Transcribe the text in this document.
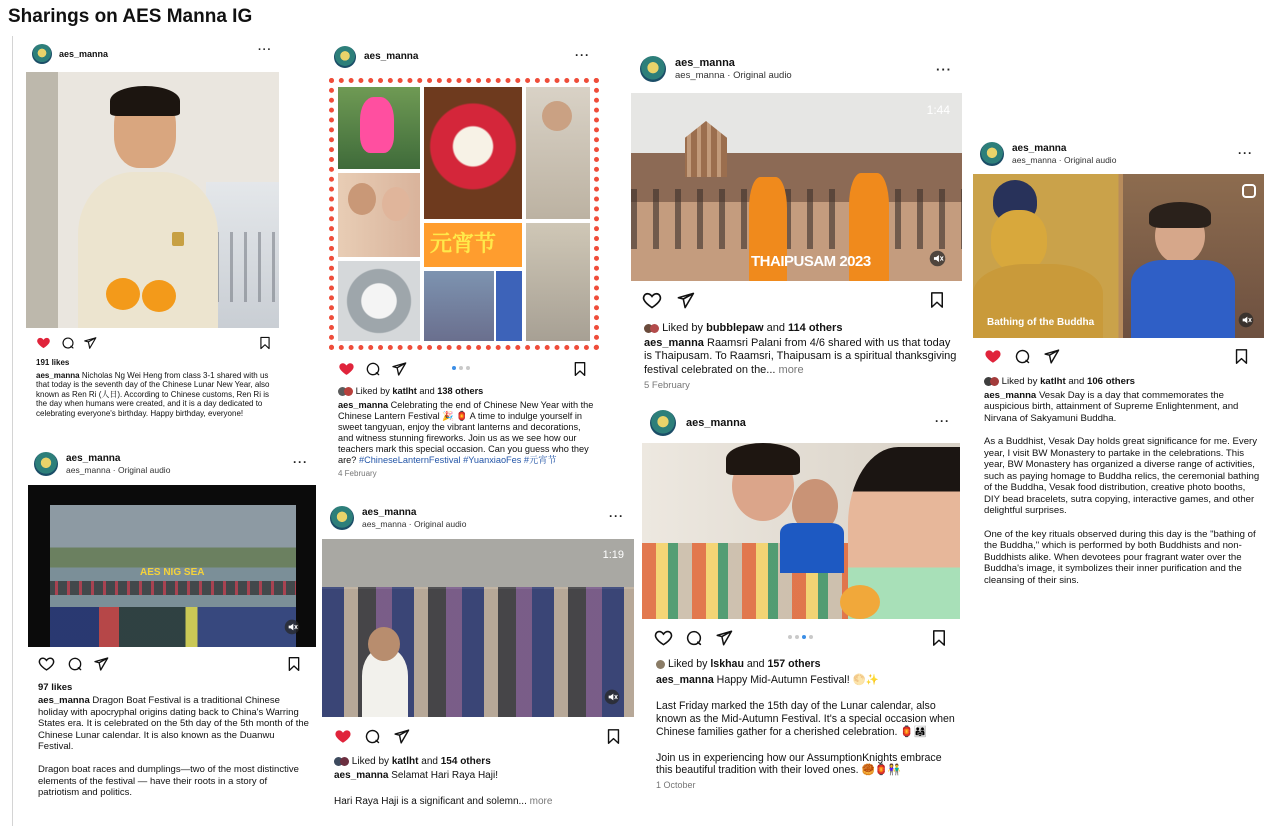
Sharings on AES Manna IG
aes_manna	···

191 likes

aes_manna Nicholas Ng Wei Heng from class 3-1 shared with us that today is the seventh day of the Chinese Lunar New Year, also known as Ren Ri (人日). According to Chinese customs, Ren Ri is the day when humans were created, and it is a day dedicated to celebrating everyone's birthday. Happy birthday, everyone!

aes_manna
aes_manna · Original audio
···
AES NIG SEA

97 likes

aes_manna Dragon Boat Festival is a traditional Chinese holiday with apocryphal origins dating back to China's Warring States era. It is celebrated on the 5th day of the 5th month of the Chinese Lunar calendar. It is also known as the Duanwu Festival.

Dragon boat races and dumplings—two of the most distinctive elements of the festival — have their roots in a story of patriotism and politics.

aes_manna	···
元宵节

Liked by katlht and 138 others

aes_manna Celebrating the end of Chinese New Year with the Chinese Lantern Festival 🎉 🏮 A time to indulge yourself in sweet tangyuan, enjoy the vibrant lanterns and decorations, and witness stunning fireworks. Join us as we see how our teachers mark this special occasion. Can you guess who they are? #ChineseLanternFestival #YuanxiaoFes #元宵节

4 February

aes_manna
aes_manna · Original audio
···
1:19

Liked by katlht and 154 others

aes_manna Selamat Hari Raya Haji!

Hari Raya Haji is a significant and solemn... more

aes_manna
aes_manna · Original audio	···
1:44
THAIPUSAM 2023

Liked by bubblepaw and 114 others

aes_manna Raamsri Palani from 4/6 shared with us that today is Thaipusam. To Raamsri, Thaipusam is a spiritual thanksgiving festival celebrated on the... more

5 February

aes_manna	···

Liked by lskhau and 157 others

aes_manna Happy Mid-Autumn Festival! 🌕✨

Last Friday marked the 15th day of the Lunar calendar, also known as the Mid-Autumn Festival. It's a special occasion when Chinese families gather for a cherished celebration. 🏮👨‍👩‍👧

Join us in experiencing how our AssumptionKnights embrace this beautiful tradition with their loved ones. 🥮🏮👫

1 October

aes_manna
aes_manna · Original audio	···
Bathing of the Buddha

Liked by katlht and 106 others

aes_manna Vesak Day is a day that commemorates the auspicious birth, attainment of Supreme Enlightenment, and Nirvana of Sakyamuni Buddha.

As a Buddhist, Vesak Day holds great significance for me. Every year, I visit BW Monastery to partake in the celebrations. This year, BW Monastery has organized a diverse range of activities, such as paying homage to Buddha relics, the ceremonial bathing of the Buddha, Vesak food distribution, creative photo booths, DIY bead bracelets, sutra copying, interactive games, and other delightful surprises.

One of the key rituals observed during this day is the "bathing of the Buddha," which is performed by both Buddhists and non-Buddhists alike. When devotees pour fragrant water over the Buddha's image, it symbolizes their inner purification and the cleansing of their sins.
